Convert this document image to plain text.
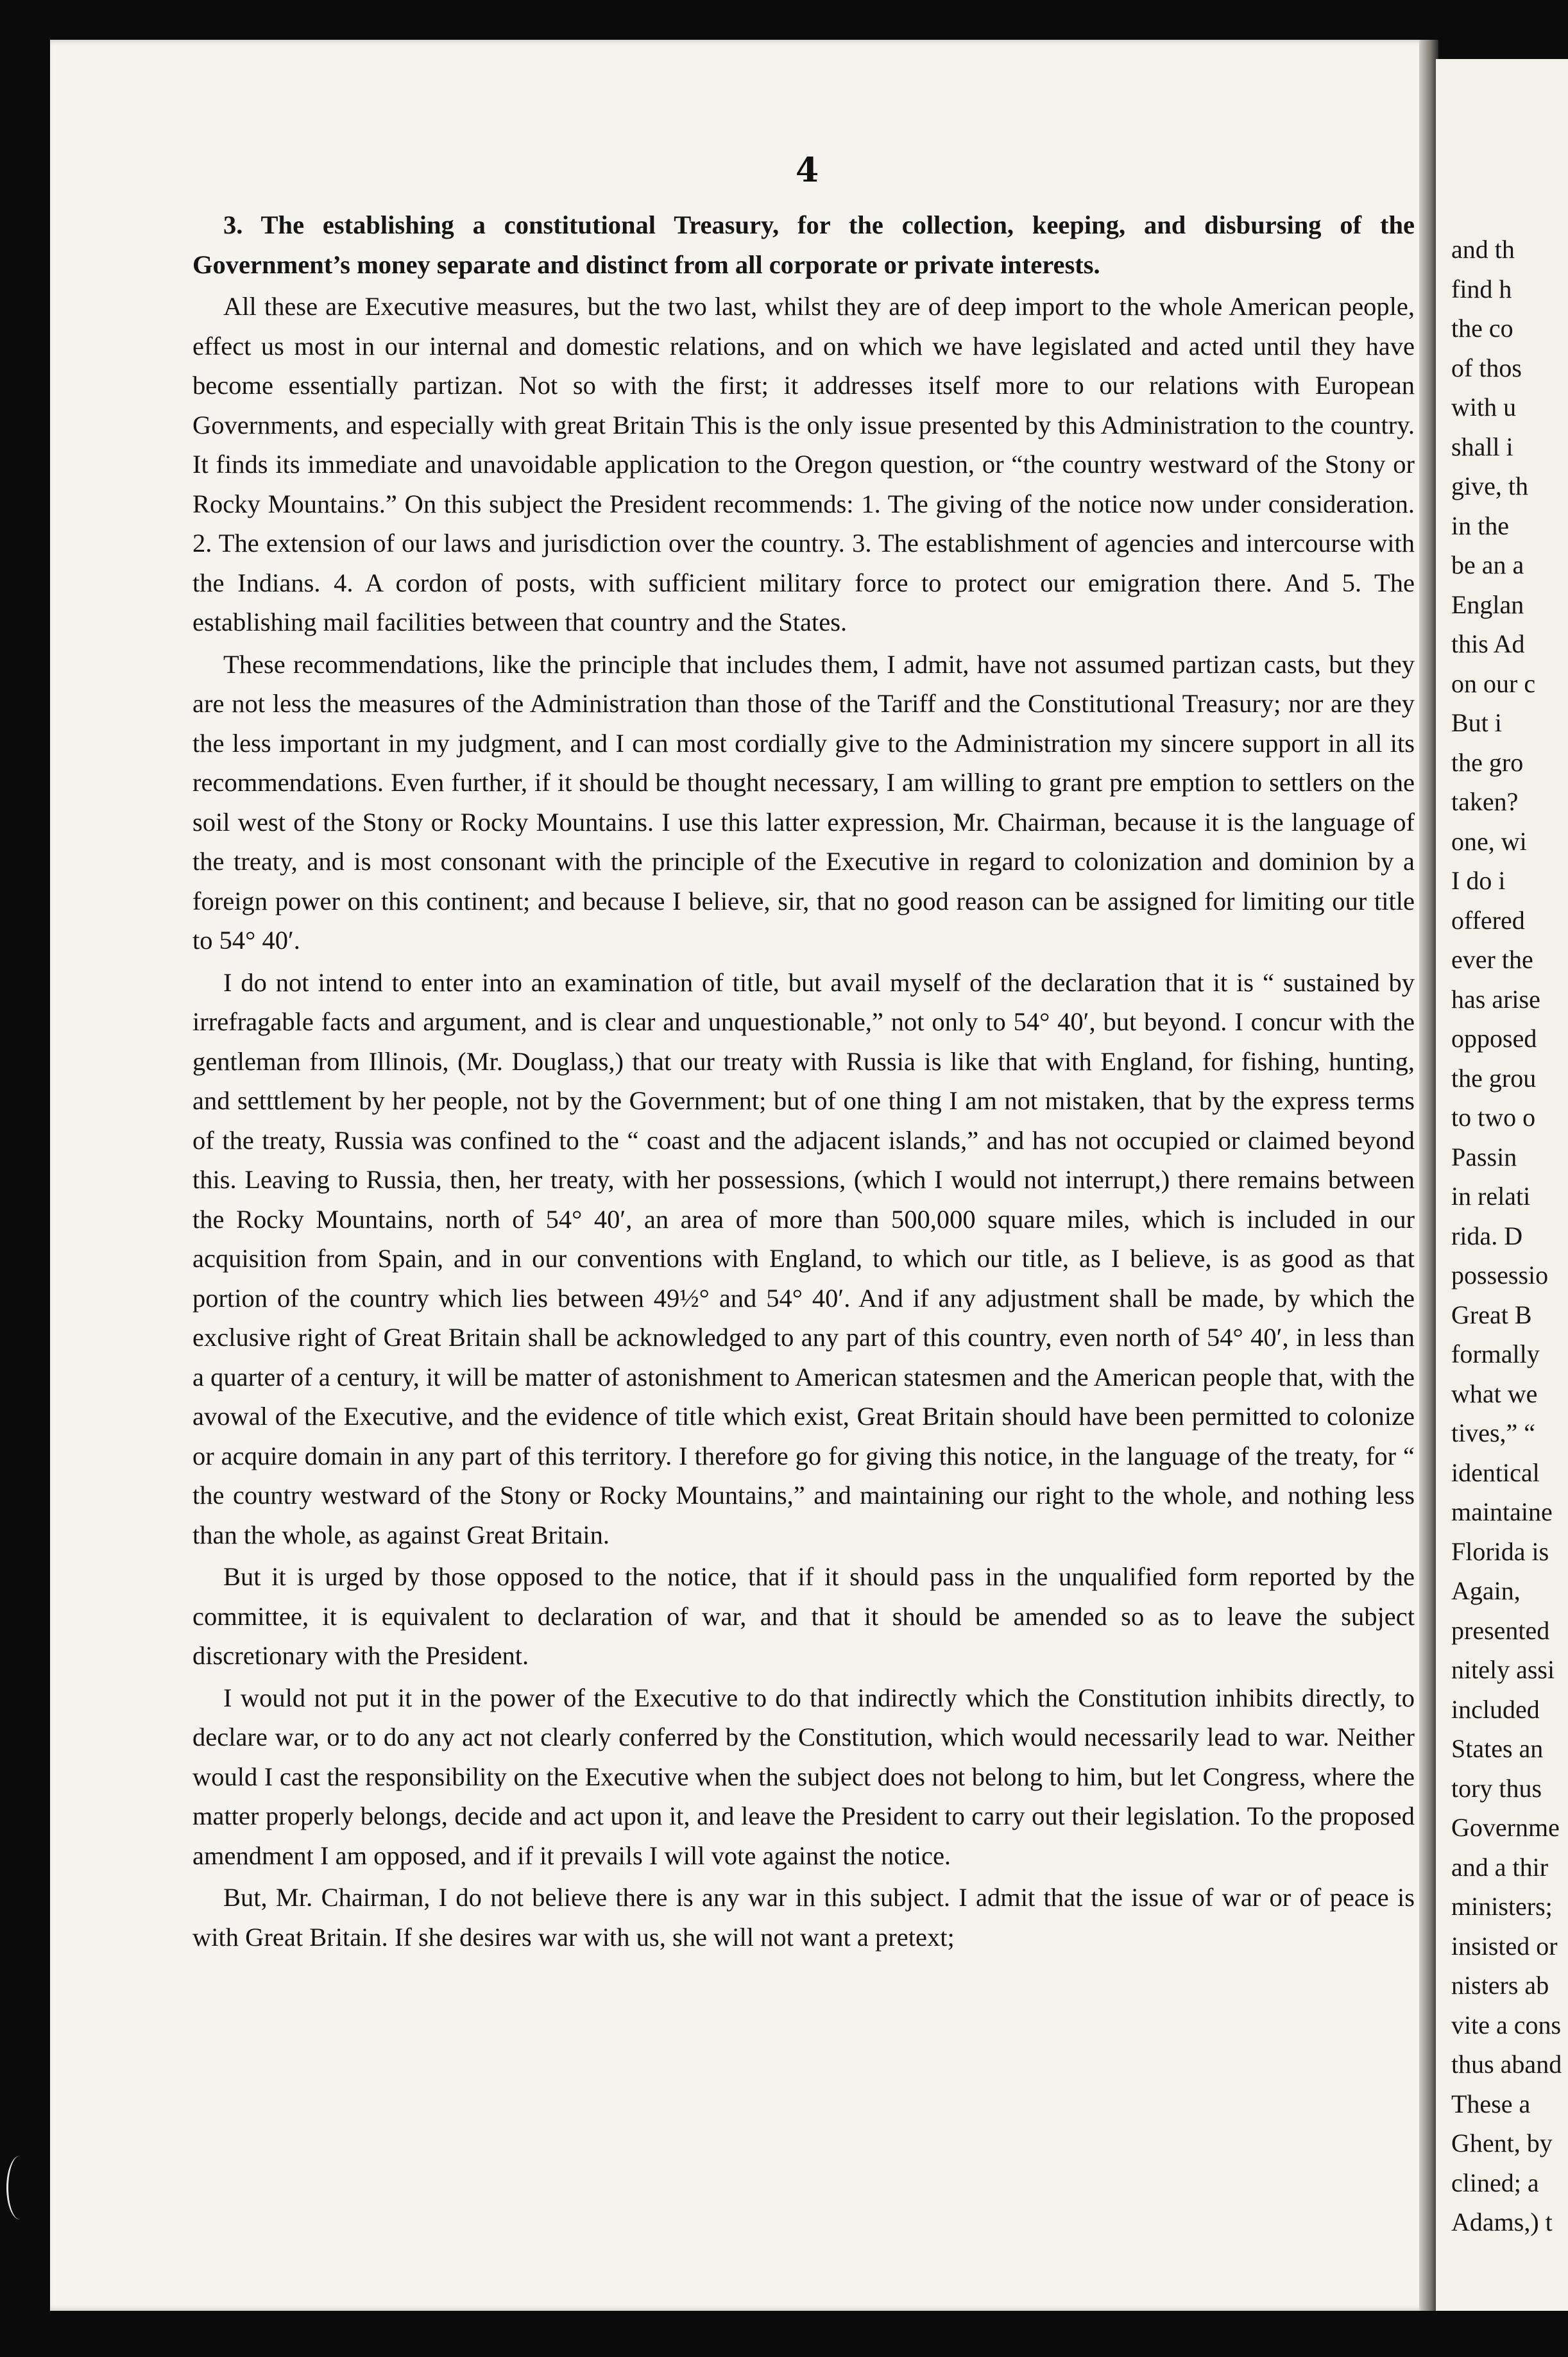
4

3. The establishing a constitutional Treasury, for the collection, keeping, and disbursing of the Government’s money separate and distinct from all corporate or private interests.

All these are Executive measures, but the two last, whilst they are of deep import to the whole American people, effect us most in our internal and domestic relations, and on which we have legislated and acted until they have become essentially partizan. Not so with the first; it addresses itself more to our relations with European Governments, and especially with great Britain This is the only issue presented by this Administration to the country. It finds its immediate and unavoidable application to the Oregon question, or “the country westward of the Stony or Rocky Mountains.” On this subject the President recommends: 1. The giving of the notice now under consideration. 2. The extension of our laws and jurisdiction over the country. 3. The establishment of agencies and intercourse with the Indians. 4. A cordon of posts, with sufficient military force to protect our emigration there. And 5. The establishing mail facilities between that country and the States.

These recommendations, like the principle that includes them, I admit, have not assumed partizan casts, but they are not less the measures of the Administration than those of the Tariff and the Constitutional Treasury; nor are they the less important in my judgment, and I can most cordially give to the Administration my sincere support in all its recommendations. Even further, if it should be thought necessary, I am willing to grant pre emption to settlers on the soil west of the Stony or Rocky Mountains. I use this latter expression, Mr. Chairman, because it is the language of the treaty, and is most consonant with the principle of the Executive in regard to colonization and dominion by a foreign power on this continent; and because I believe, sir, that no good reason can be assigned for limiting our title to 54° 40′.

I do not intend to enter into an examination of title, but avail myself of the declaration that it is “ sustained by irrefragable facts and argument, and is clear and unquestionable,” not only to 54° 40′, but beyond. I concur with the gentleman from Illinois, (Mr. Douglass,) that our treaty with Russia is like that with England, for fishing, hunting, and setttlement by her people, not by the Government; but of one thing I am not mistaken, that by the express terms of the treaty, Russia was confined to the “ coast and the adjacent islands,” and has not occupied or claimed beyond this. Leaving to Russia, then, her treaty, with her possessions, (which I would not interrupt,) there remains between the Rocky Mountains, north of 54° 40′, an area of more than 500,000 square miles, which is included in our acquisition from Spain, and in our conventions with England, to which our title, as I believe, is as good as that portion of the country which lies between 49½° and 54° 40′. And if any adjustment shall be made, by which the exclusive right of Great Britain shall be acknowledged to any part of this country, even north of 54° 40′, in less than a quarter of a century, it will be matter of astonishment to American statesmen and the American people that, with the avowal of the Executive, and the evidence of title which exist, Great Britain should have been permitted to colonize or acquire domain in any part of this territory. I therefore go for giving this notice, in the language of the treaty, for “ the country westward of the Stony or Rocky Mountains,” and maintaining our right to the whole, and nothing less than the whole, as against Great Britain.

But it is urged by those opposed to the notice, that if it should pass in the unqualified form reported by the committee, it is equivalent to declaration of war, and that it should be amended so as to leave the subject discretionary with the President.

I would not put it in the power of the Executive to do that indirectly which the Constitution inhibits directly, to declare war, or to do any act not clearly conferred by the Constitution, which would necessarily lead to war. Neither would I cast the responsibility on the Executive when the subject does not belong to him, but let Congress, where the matter properly belongs, decide and act upon it, and leave the President to carry out their legislation. To the proposed amendment I am opposed, and if it prevails I will vote against the notice.

But, Mr. Chairman, I do not believe there is any war in this subject. I admit that the issue of war or of peace is with Great Britain. If she desires war with us, she will not want a pretext;

and th
find h
the co
of thos
with u
shall i
give, th
in the
be an a
Englan
this Ad
on our c
But i
the gro
taken?
one, wi
I do i
offered
ever the
has arise
opposed
the grou
to two o
Passin
in relati
rida. D
possessio
Great B
formally
what we
tives,” “
identical
maintaine
Florida is
Again,
presented
nitely assi
included
States an
tory thus
Governme
and a thir
ministers;
insisted or
nisters ab
vite a cons
thus aband
These a
Ghent, by
clined; a
Adams,) t
